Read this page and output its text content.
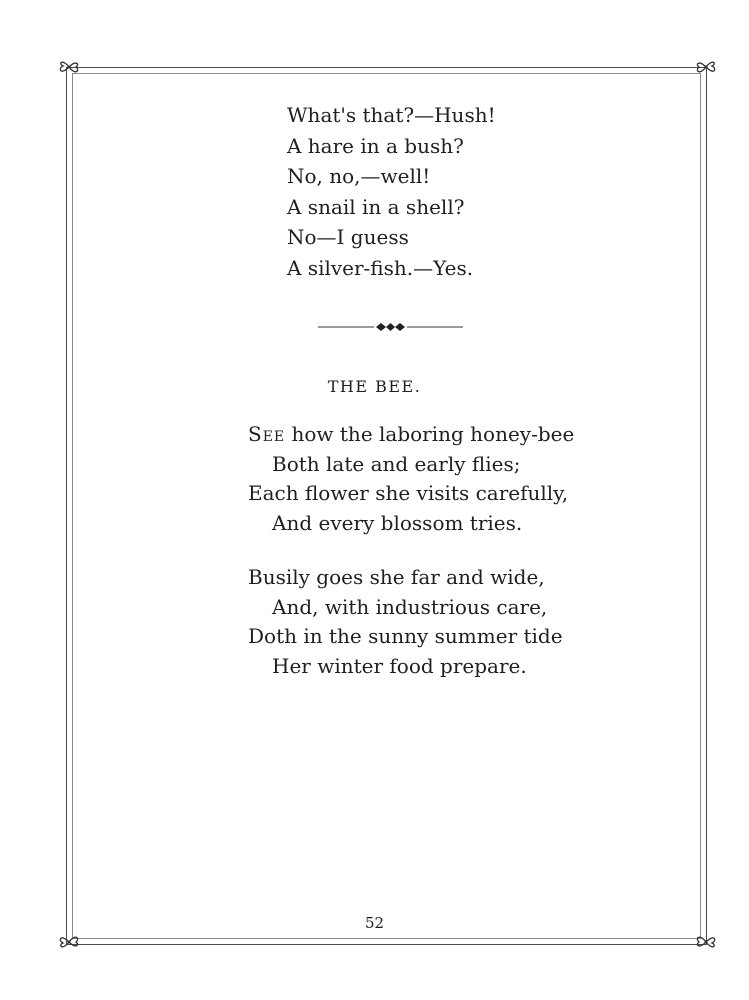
What's that?—Hush!
A hare in a bush?
No, no,—well!
A snail in a shell?
No—I guess
A silver-fish.—Yes.
THE BEE.
See how the laboring honey-bee
Both late and early flies;
Each flower she visits carefully,
And every blossom tries.
Busily goes she far and wide,
And, with industrious care,
Doth in the sunny summer tide
Her winter food prepare.
52
